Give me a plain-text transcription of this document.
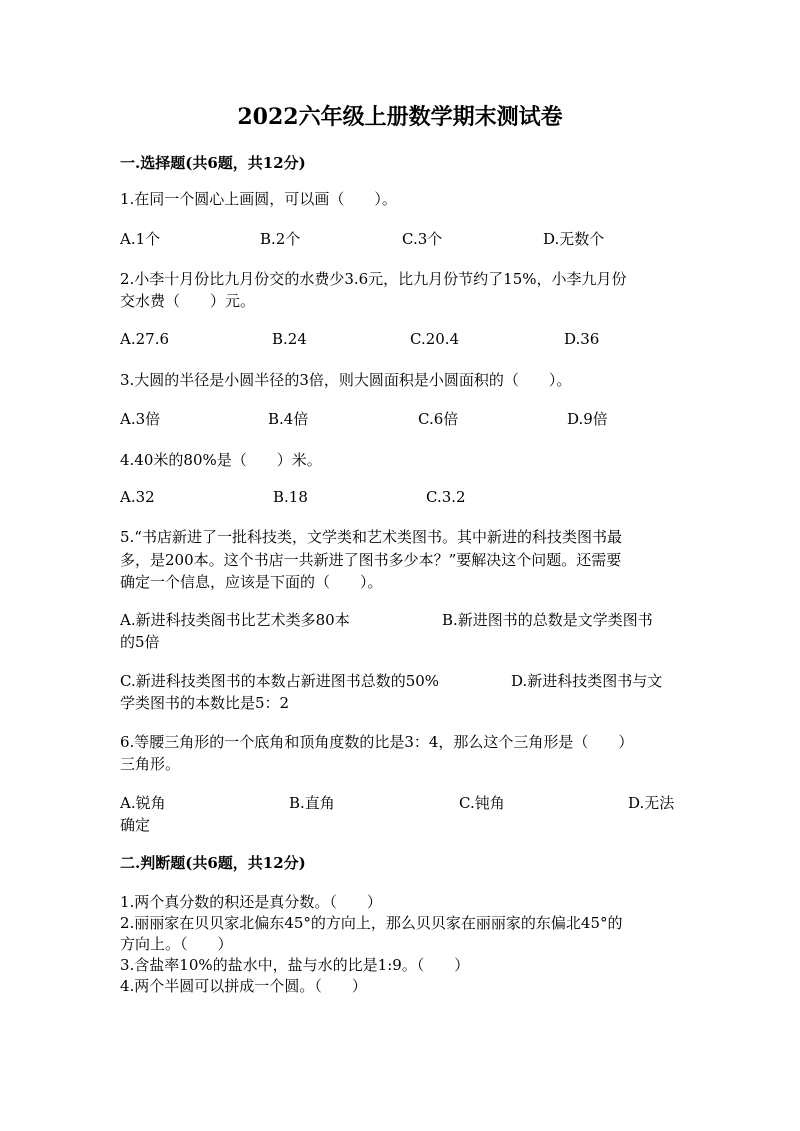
2022六年级上册数学期末测试卷
一.选择题(共6题，共12分)
1.在同一个圆心上画圆，可以画（　　）。
A.1个	B.2个	C.3个	D.无数个
2.小李十月份比九月份交的水费少3.6元，比九月份节约了15%，小李九月份
交水费（　　）元。
A.27.6	B.24	C.20.4	D.36
3.大圆的半径是小圆半径的3倍，则大圆面积是小圆面积的（　　）。
A.3倍	B.4倍	C.6倍	D.9倍
4.40米的80%是（　　）米。
A.32	B.18	C.3.2
5.“书店新进了一批科技类，文学类和艺术类图书。其中新进的科技类图书最
多，是200本。这个书店一共新进了图书多少本？”要解决这个问题。还需要
确定一个信息，应该是下面的（　　）。
A.新进科技类阁书比艺术类多80本	B.新进图书的总数是文学类图书
的5倍
C.新进科技类图书的本数占新进图书总数的50%	D.新进科技类图书与文
学类图书的本数比是5：2
6.等腰三角形的一个底角和顶角度数的比是3：4，那么这个三角形是（　　）
三角形。
A.锐角	B.直角	C.钝角	D.无法
确定
二.判断题(共6题，共12分)
1.两个真分数的积还是真分数。（　　）
2.丽丽家在贝贝家北偏东45°的方向上，那么贝贝家在丽丽家的东偏北45°的
方向上。（　　）
3.含盐率10%的盐水中，盐与水的比是1:9。（　　）
4.两个半圆可以拼成一个圆。（　　）
